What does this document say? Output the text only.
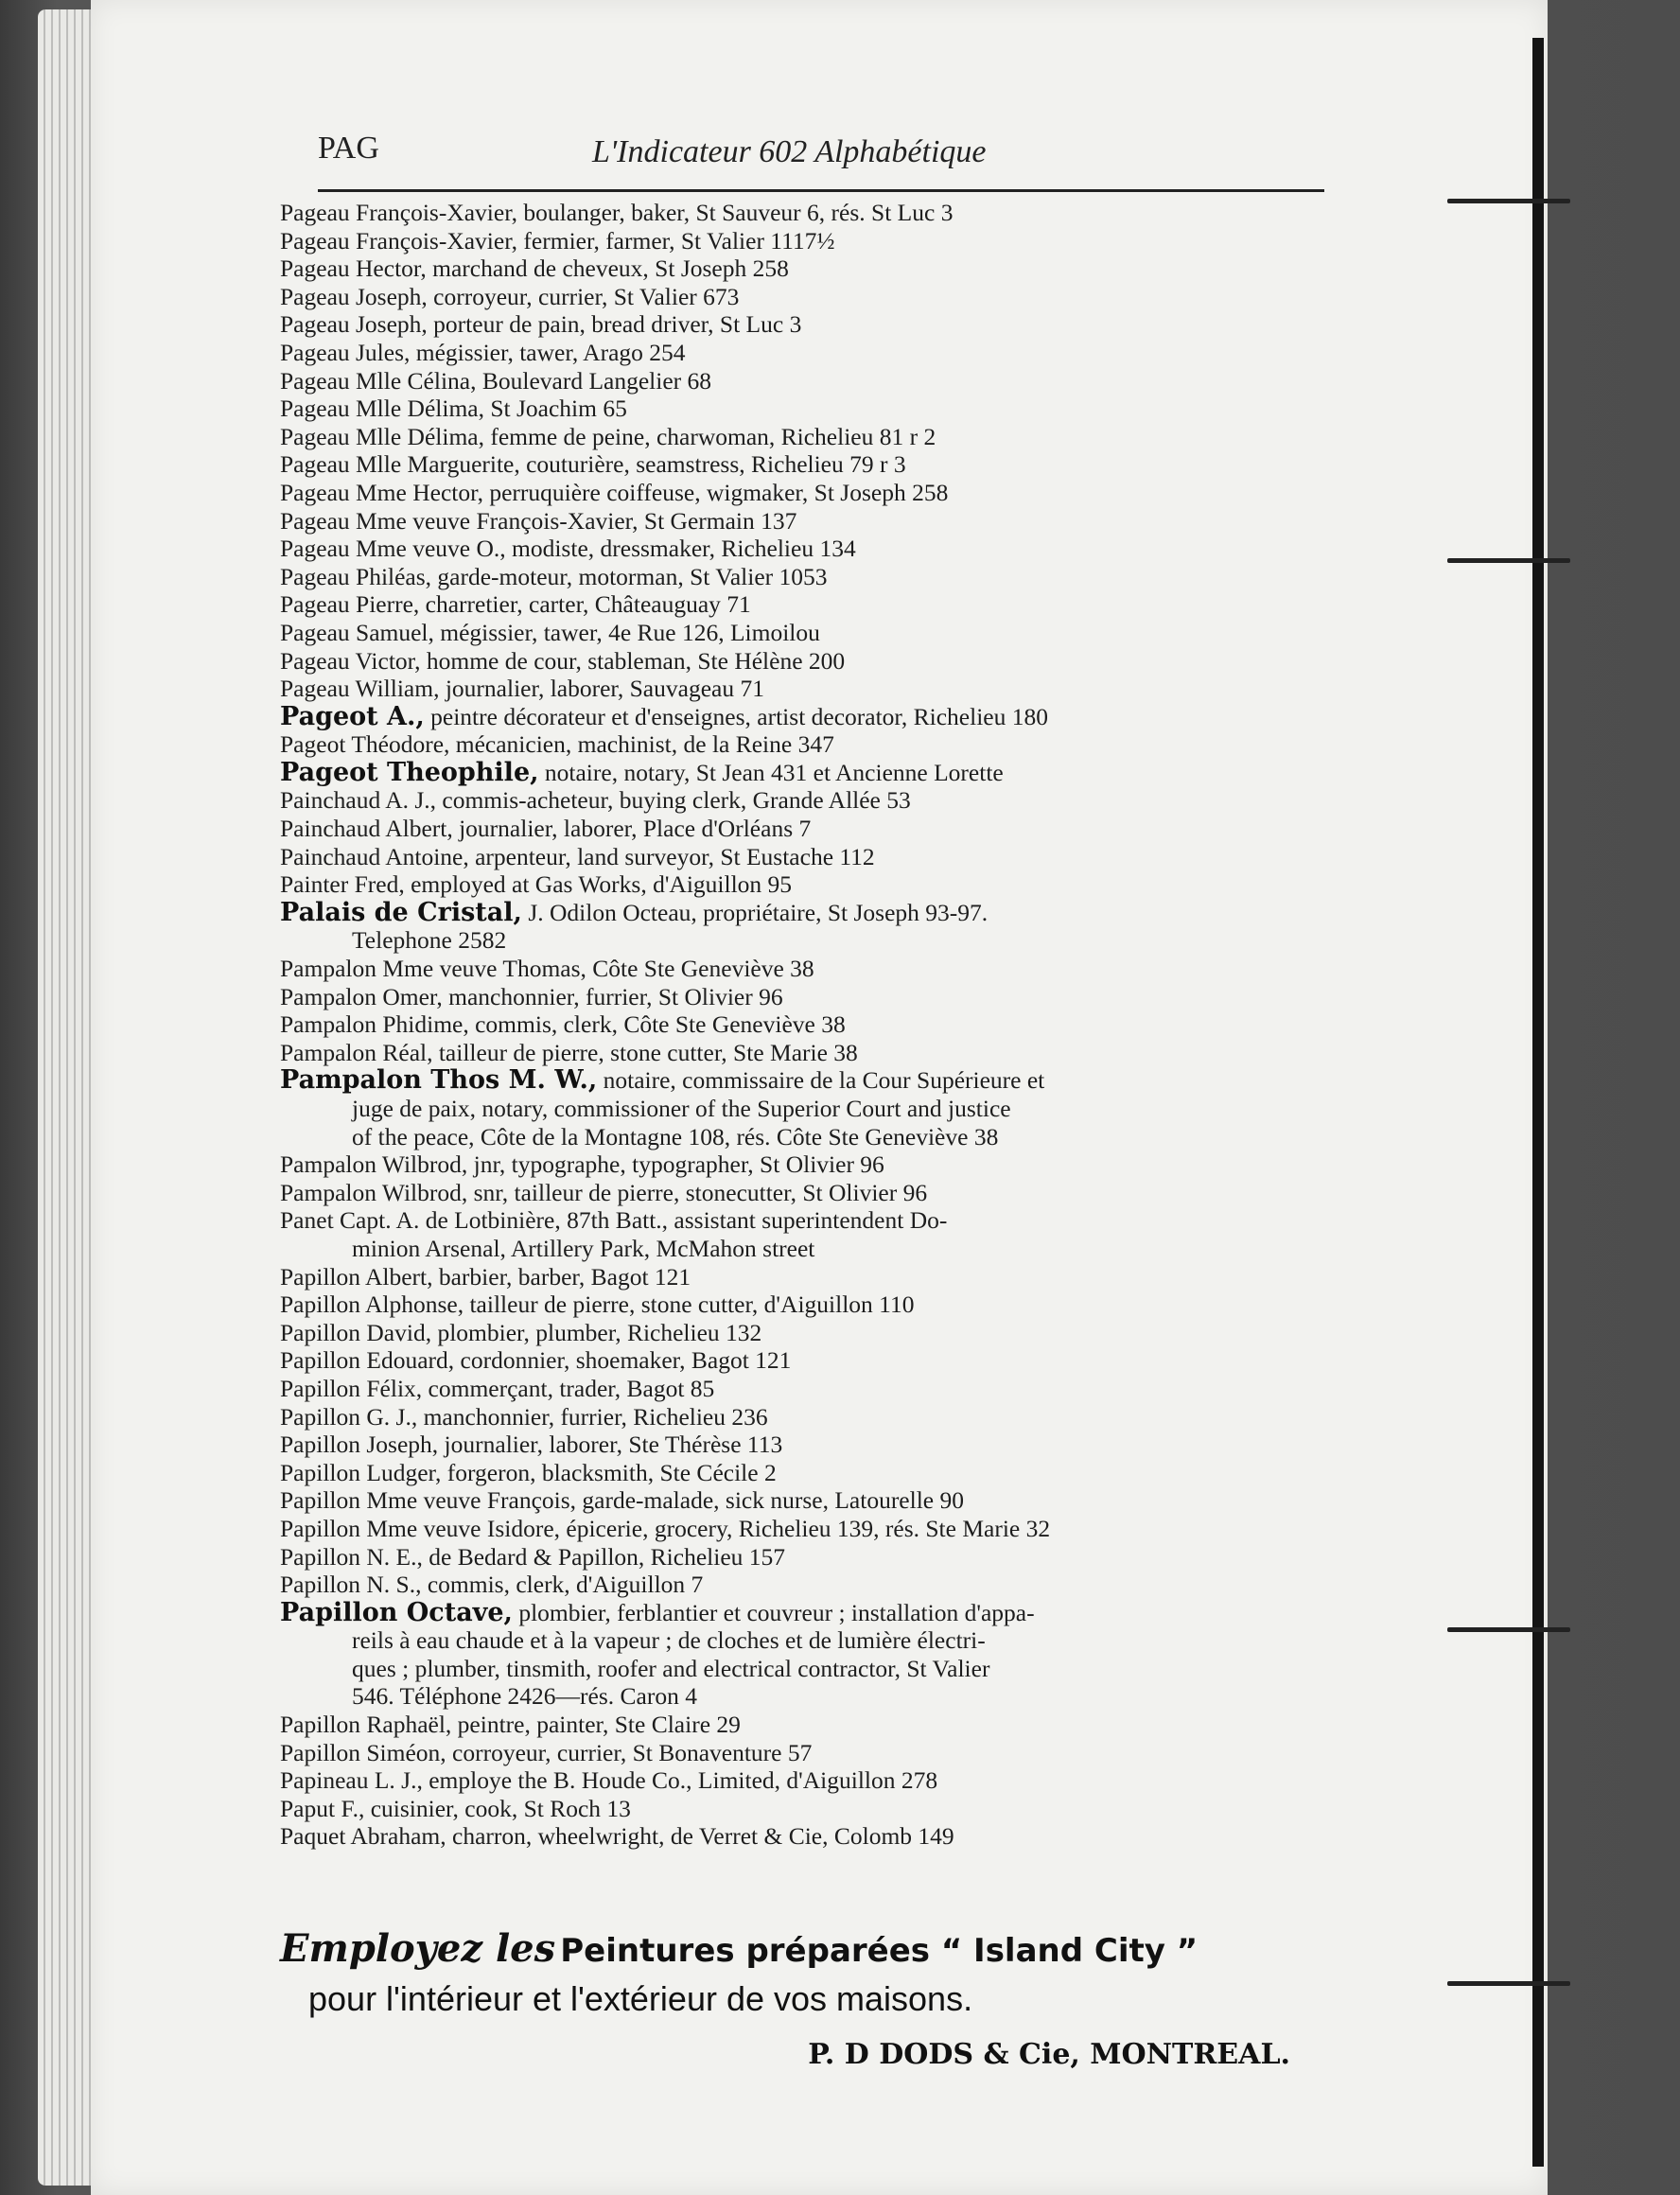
PAG	L'Indicateur 602 Alphabétique
Pageau François-Xavier, boulanger, baker, St Sauveur 6, rés. St Luc 3
Pageau François-Xavier, fermier, farmer, St Valier 1117½
Pageau Hector, marchand de cheveux, St Joseph 258
Pageau Joseph, corroyeur, currier, St Valier 673
Pageau Joseph, porteur de pain, bread driver, St Luc 3
Pageau Jules, mégissier, tawer, Arago 254
Pageau Mlle Célina, Boulevard Langelier 68
Pageau Mlle Délima, St Joachim 65
Pageau Mlle Délima, femme de peine, charwoman, Richelieu 81 r 2
Pageau Mlle Marguerite, couturière, seamstress, Richelieu 79 r 3
Pageau Mme Hector, perruquière coiffeuse, wigmaker, St Joseph 258
Pageau Mme veuve François-Xavier, St Germain 137
Pageau Mme veuve O., modiste, dressmaker, Richelieu 134
Pageau Philéas, garde-moteur, motorman, St Valier 1053
Pageau Pierre, charretier, carter, Châteauguay 71
Pageau Samuel, mégissier, tawer, 4e Rue 126, Limoilou
Pageau Victor, homme de cour, stableman, Ste Hélène 200
Pageau William, journalier, laborer, Sauvageau 71
Pageot A., peintre décorateur et d'enseignes, artist decorator, Richelieu 180
Pageot Théodore, mécanicien, machinist, de la Reine 347
Pageot Theophile, notaire, notary, St Jean 431 et Ancienne Lorette
Painchaud A. J., commis-acheteur, buying clerk, Grande Allée 53
Painchaud Albert, journalier, laborer, Place d'Orléans 7
Painchaud Antoine, arpenteur, land surveyor, St Eustache 112
Painter Fred, employed at Gas Works, d'Aiguillon 95
Palais de Cristal, J. Odilon Octeau, propriétaire, St Joseph 93-97.
Telephone 2582
Pampalon Mme veuve Thomas, Côte Ste Geneviève 38
Pampalon Omer, manchonnier, furrier, St Olivier 96
Pampalon Phidime, commis, clerk, Côte Ste Geneviève 38
Pampalon Réal, tailleur de pierre, stone cutter, Ste Marie 38
Pampalon Thos M. W., notaire, commissaire de la Cour Supérieure et
juge de paix, notary, commissioner of the Superior Court and justice
of the peace, Côte de la Montagne 108, rés. Côte Ste Geneviève 38
Pampalon Wilbrod, jnr, typographe, typographer, St Olivier 96
Pampalon Wilbrod, snr, tailleur de pierre, stonecutter, St Olivier 96
Panet Capt. A. de Lotbinière, 87th Batt., assistant superintendent Do-
minion Arsenal, Artillery Park, McMahon street
Papillon Albert, barbier, barber, Bagot 121
Papillon Alphonse, tailleur de pierre, stone cutter, d'Aiguillon 110
Papillon David, plombier, plumber, Richelieu 132
Papillon Edouard, cordonnier, shoemaker, Bagot 121
Papillon Félix, commerçant, trader, Bagot 85
Papillon G. J., manchonnier, furrier, Richelieu 236
Papillon Joseph, journalier, laborer, Ste Thérèse 113
Papillon Ludger, forgeron, blacksmith, Ste Cécile 2
Papillon Mme veuve François, garde-malade, sick nurse, Latourelle 90
Papillon Mme veuve Isidore, épicerie, grocery, Richelieu 139, rés. Ste Marie 32
Papillon N. E., de Bedard & Papillon, Richelieu 157
Papillon N. S., commis, clerk, d'Aiguillon 7
Papillon Octave, plombier, ferblantier et couvreur ; installation d'appa-
reils à eau chaude et à la vapeur ; de cloches et de lumière électri-
ques ; plumber, tinsmith, roofer and electrical contractor, St Valier
546. Téléphone 2426—rés. Caron 4
Papillon Raphaël, peintre, painter, Ste Claire 29
Papillon Siméon, corroyeur, currier, St Bonaventure 57
Papineau L. J., employe the B. Houde Co., Limited, d'Aiguillon 278
Paput F., cuisinier, cook, St Roch 13
Paquet Abraham, charron, wheelwright, de Verret & Cie, Colomb 149
Employez les Peintures préparées “ Island City ”
pour l'intérieur et l'extérieur de vos maisons.
P. D DODS & Cie, MONTREAL.
